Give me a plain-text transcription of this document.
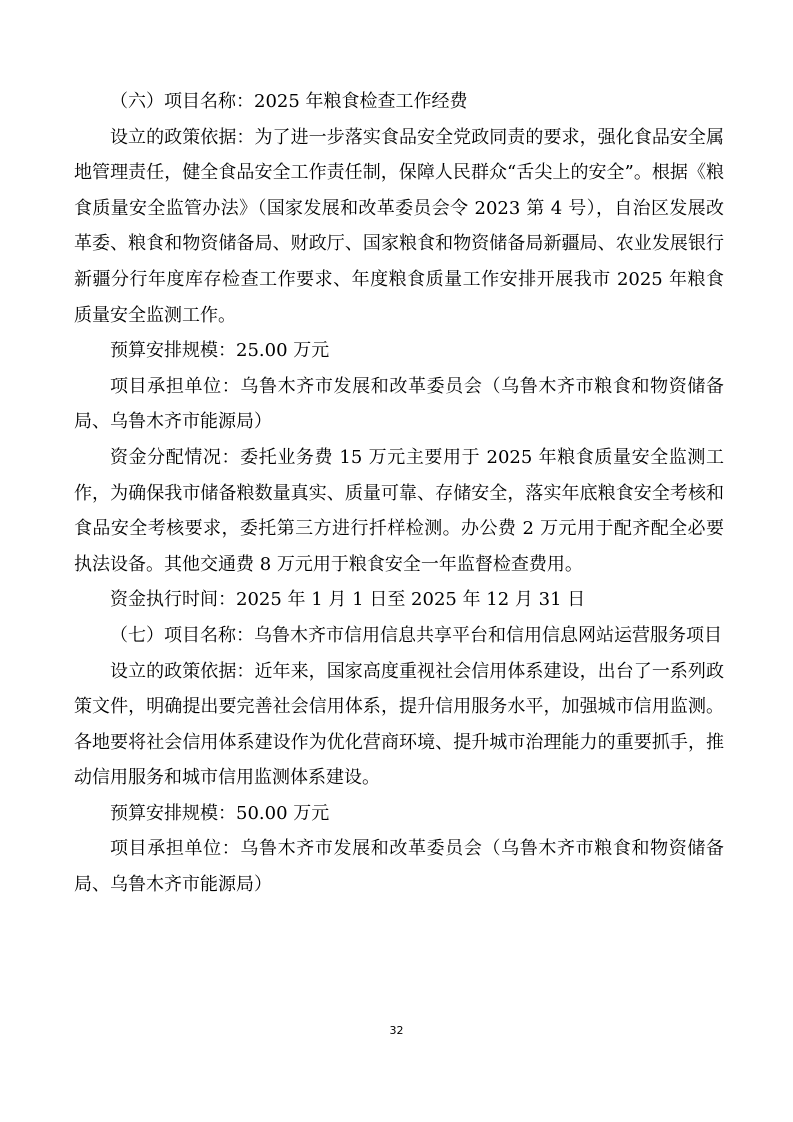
（六）项目名称：2025 年粮食检查工作经费

设立的政策依据：为了进一步落实食品安全党政同责的要求，强化食品安全属地管理责任，健全食品安全工作责任制，保障人民群众“舌尖上的安全”。根据《粮食质量安全监管办法》（国家发展和改革委员会令 2023 第 4 号），自治区发展改革委、粮食和物资储备局、财政厅、国家粮食和物资储备局新疆局、农业发展银行新疆分行年度库存检查工作要求、年度粮食质量工作安排开展我市 2025 年粮食质量安全监测工作。

预算安排规模：25.00 万元

项目承担单位：乌鲁木齐市发展和改革委员会（乌鲁木齐市粮食和物资储备局、乌鲁木齐市能源局）

资金分配情况：委托业务费 15 万元主要用于 2025 年粮食质量安全监测工作，为确保我市储备粮数量真实、质量可靠、存储安全，落实年底粮食安全考核和食品安全考核要求，委托第三方进行扦样检测。办公费 2 万元用于配齐配全必要执法设备。其他交通费 8 万元用于粮食安全一年监督检查费用。

资金执行时间：2025 年 1 月 1 日至 2025 年 12 月 31 日

（七）项目名称：乌鲁木齐市信用信息共享平台和信用信息网站运营服务项目

设立的政策依据：近年来，国家高度重视社会信用体系建设，出台了一系列政策文件，明确提出要完善社会信用体系，提升信用服务水平，加强城市信用监测。各地要将社会信用体系建设作为优化营商环境、提升城市治理能力的重要抓手，推动信用服务和城市信用监测体系建设。

预算安排规模：50.00 万元

项目承担单位：乌鲁木齐市发展和改革委员会（乌鲁木齐市粮食和物资储备局、乌鲁木齐市能源局）

32
